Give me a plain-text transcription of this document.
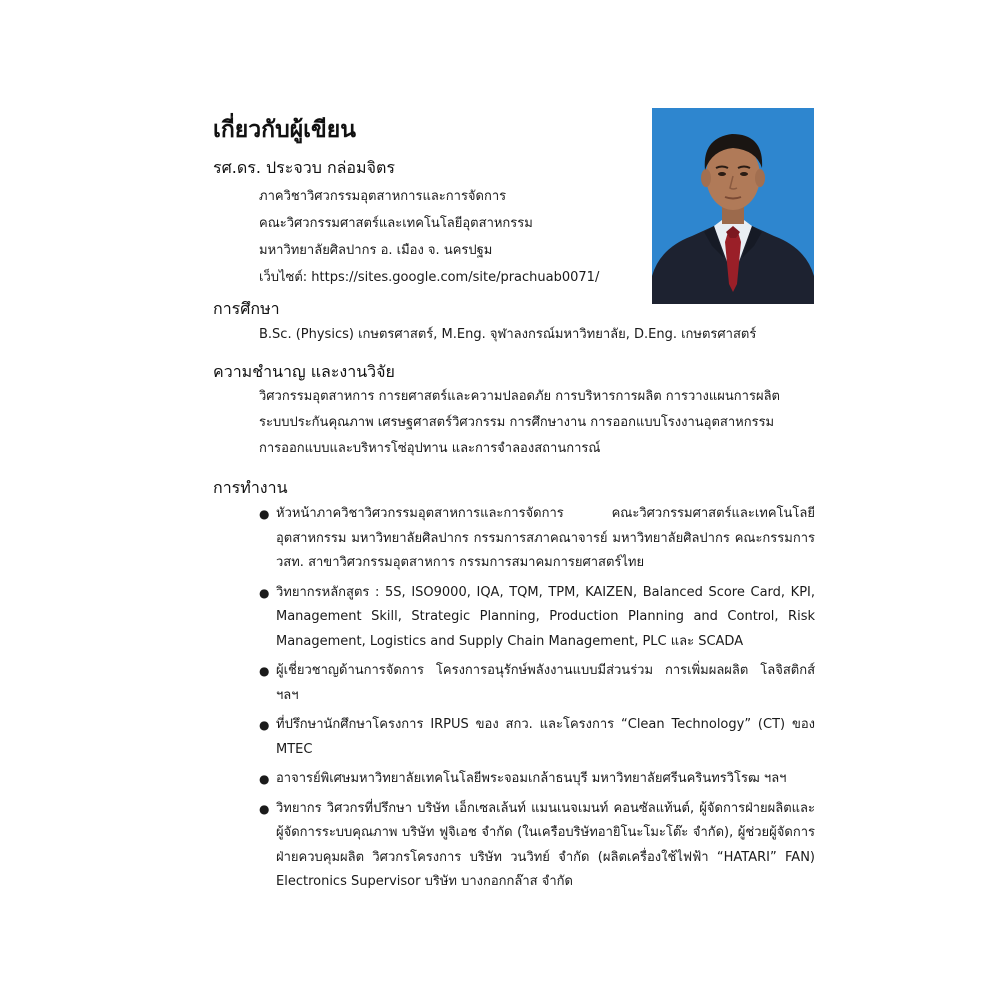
เกี่ยวกับผู้เขียน
รศ.ดร. ประจวบ กล่อมจิตร
ภาควิชาวิศวกรรมอุตสาหการและการจัดการ
คณะวิศวกรรมศาสตร์และเทคโนโลยีอุตสาหกรรม
มหาวิทยาลัยศิลปากร อ. เมือง จ. นครปฐม
เว็บไซต์: https://sites.google.com/site/prachuab0071/
การศึกษา
B.Sc. (Physics) เกษตรศาสตร์, M.Eng. จุฬาลงกรณ์มหาวิทยาลัย, D.Eng. เกษตรศาสตร์
ความชำนาญ และงานวิจัย
วิศวกรรมอุตสาหการ การยศาสตร์และความปลอดภัย การบริหารการผลิต การวางแผนการผลิต
ระบบประกันคุณภาพ เศรษฐศาสตร์วิศวกรรม การศึกษางาน การออกแบบโรงงานอุตสาหกรรม
การออกแบบและบริหารโซ่อุปทาน และการจำลองสถานการณ์
การทำงาน
● หัวหน้าภาควิชาวิศวกรรมอุตสาหการและการจัดการ คณะวิศวกรรมศาสตร์และเทคโนโลยีอุตสาหกรรม มหาวิทยาลัยศิลปากร กรรมการสภาคณาจารย์ มหาวิทยาลัยศิลปากร คณะกรรมการ วสท. สาขาวิศวกรรมอุตสาหการ กรรมการสมาคมการยศาสตร์ไทย
● วิทยากรหลักสูตร : 5S, ISO9000, IQA, TQM, TPM, KAIZEN, Balanced Score Card, KPI, Management Skill, Strategic Planning, Production Planning and Control, Risk Management, Logistics and Supply Chain Management, PLC และ SCADA
● ผู้เชี่ยวชาญด้านการจัดการ โครงการอนุรักษ์พลังงานแบบมีส่วนร่วม การเพิ่มผลผลิต โลจิสติกส์ ฯลฯ
● ที่ปรึกษานักศึกษาโครงการ IRPUS ของ สกว. และโครงการ “Clean Technology” (CT) ของ MTEC
● อาจารย์พิเศษมหาวิทยาลัยเทคโนโลยีพระจอมเกล้าธนบุรี มหาวิทยาลัยศรีนครินทรวิโรฒ ฯลฯ
● วิทยากร วิศวกรที่ปรึกษา บริษัท เอ็กเซลเล้นท์ แมนเนจเมนท์ คอนซัลแท้นต์, ผู้จัดการฝ่ายผลิตและผู้จัดการระบบคุณภาพ บริษัท ฟูจิเอช จำกัด (ในเครือบริษัทอายิโนะโมะโต๊ะ จำกัด), ผู้ช่วยผู้จัดการฝ่ายควบคุมผลิต วิศวกรโครงการ บริษัท วนวิทย์ จำกัด (ผลิตเครื่องใช้ไฟฟ้า “HATARI” FAN) Electronics Supervisor บริษัท บางกอกกล๊าส จำกัด
